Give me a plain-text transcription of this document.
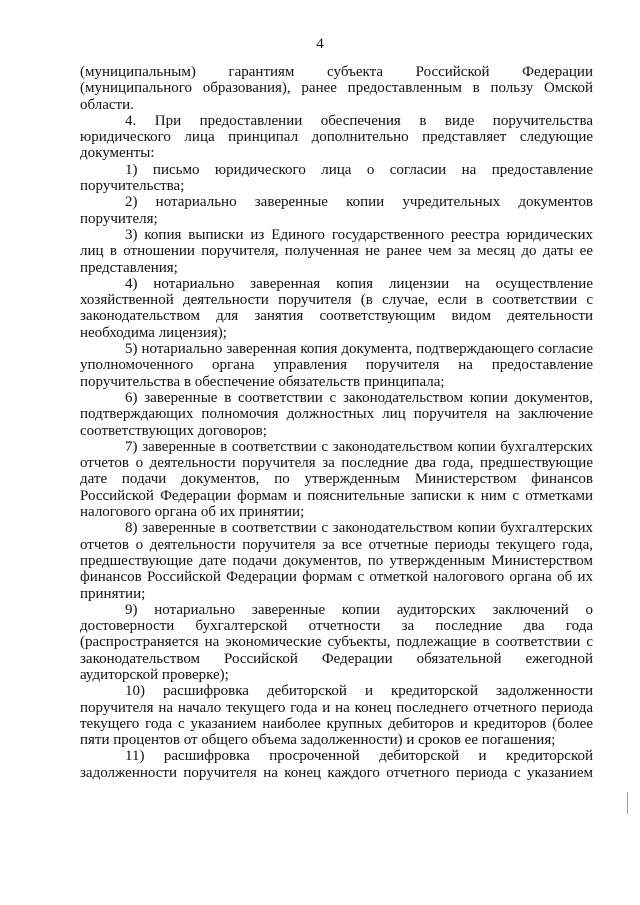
4

(муниципальным) гарантиям субъекта Российской Федерации (муниципального образования), ранее предоставленным в пользу Омской области.

4. При предоставлении обеспечения в виде поручительства юридического лица принципал дополнительно представляет следующие документы:

1) письмо юридического лица о согласии на предоставление поручительства;

2) нотариально заверенные копии учредительных документов поручителя;

3) копия выписки из Единого государственного реестра юридических лиц в отношении поручителя, полученная не ранее чем за месяц до даты ее представления;

4) нотариально заверенная копия лицензии на осуществление хозяйственной деятельности поручителя (в случае, если в соответствии с законодательством для занятия соответствующим видом деятельности необходима лицензия);

5) нотариально заверенная копия документа, подтверждающего согласие уполномоченного органа управления поручителя на предоставление поручительства в обеспечение обязательств принципала;

6) заверенные в соответствии с законодательством копии документов, подтверждающих полномочия должностных лиц поручителя на заключение соответствующих договоров;

7) заверенные в соответствии с законодательством копии бухгалтерских отчетов о деятельности поручителя за последние два года, предшествующие дате подачи документов, по утвержденным Министерством финансов Российской Федерации формам и пояснительные записки к ним с отметками налогового органа об их принятии;

8) заверенные в соответствии с законодательством копии бухгалтерских отчетов о деятельности поручителя за все отчетные периоды текущего года, предшествующие дате подачи документов, по утвержденным Министерством финансов Российской Федерации формам с отметкой налогового органа об их принятии;

9) нотариально заверенные копии аудиторских заключений о достоверности бухгалтерской отчетности за последние два года (распространяется на экономические субъекты, подлежащие в соответствии с законодательством Российской Федерации обязательной ежегодной аудиторской проверке);

10) расшифровка дебиторской и кредиторской задолженности поручителя на начало текущего года и на конец последнего отчетного периода текущего года с указанием наиболее крупных дебиторов и кредиторов (более пяти процентов от общего объема задолженности) и сроков ее погашения;

11) расшифровка просроченной дебиторской и кредиторской задолженности поручителя на конец каждого отчетного периода с указанием
